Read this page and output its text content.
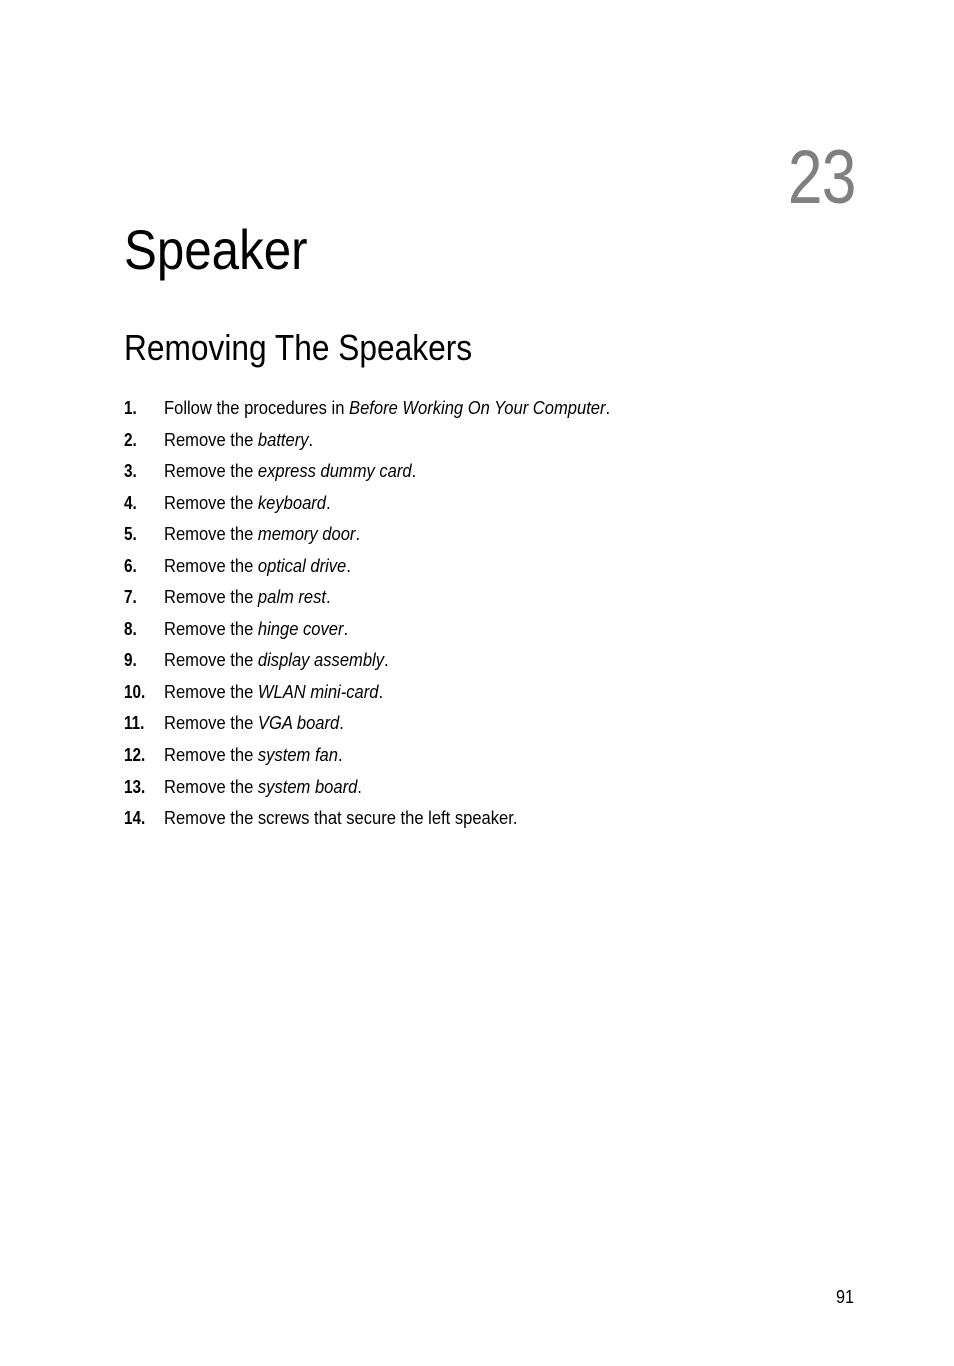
23
Speaker
Removing The Speakers
1.	Follow the procedures in Before Working On Your Computer.
2.	Remove the battery.
3.	Remove the express dummy card.
4.	Remove the keyboard.
5.	Remove the memory door.
6.	Remove the optical drive.
7.	Remove the palm rest.
8.	Remove the hinge cover.
9.	Remove the display assembly.
10.	Remove the WLAN mini-card.
11.	Remove the VGA board.
12.	Remove the system fan.
13.	Remove the system board.
14.	Remove the screws that secure the left speaker.
91
